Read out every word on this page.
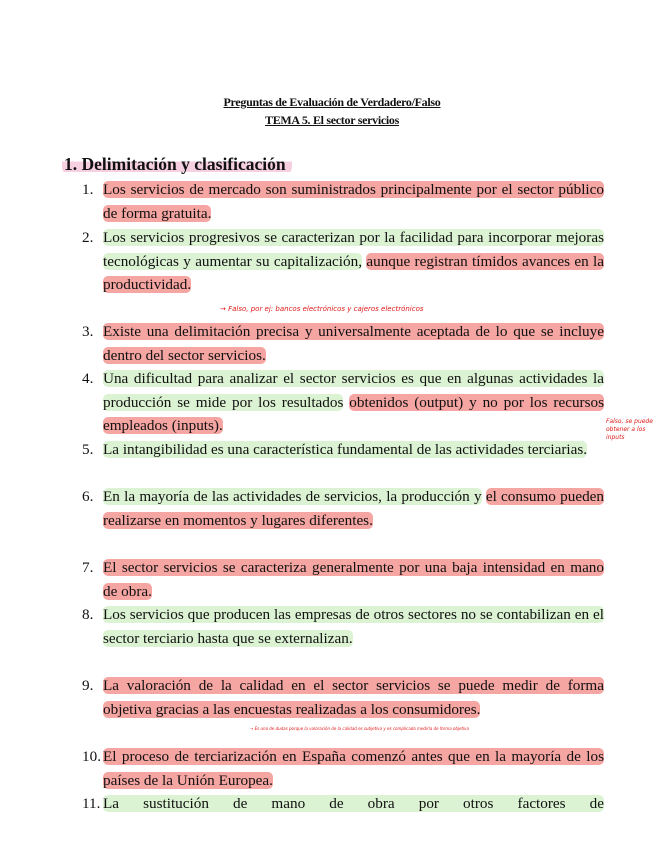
Preguntas de Evaluación de Verdadero/Falso
TEMA 5. El sector servicios
1. Delimitación y clasificación
1. Los servicios de mercado son suministrados principalmente por el sector público de forma gratuita.
2. Los servicios progresivos se caracterizan por la facilidad para incorporar mejoras tecnológicas y aumentar su capitalización, aunque registran tímidos avances en la productividad.
→ Falso, por ej: bancos electrónicos y cajeros electrónicos
3. Existe una delimitación precisa y universalmente aceptada de lo que se incluye dentro del sector servicios.
4. Una dificultad para analizar el sector servicios es que en algunas actividades la producción se mide por los resultados obtenidos (output) y no por los recursos empleados (inputs).	Falso, se puede obtener a los inputs
5. La intangibilidad es una característica fundamental de las actividades terciarias.
6. En la mayoría de las actividades de servicios, la producción y el consumo pueden realizarse en momentos y lugares diferentes.
7. El sector servicios se caracteriza generalmente por una baja intensidad en mano de obra.
8. Los servicios que producen las empresas de otros sectores no se contabilizan en el sector terciario hasta que se externalizan.
9. La valoración de la calidad en el sector servicios se puede medir de forma objetiva gracias a las encuestas realizadas a los consumidores.
→ Es uno de dudas porque la valoración de la calidad es subjetiva y es complicado medirla de forma objetiva
10. El proceso de terciarización en España comenzó antes que en la mayoría de los países de la Unión Europea.
11. La sustitución de mano de obra por otros factores de
